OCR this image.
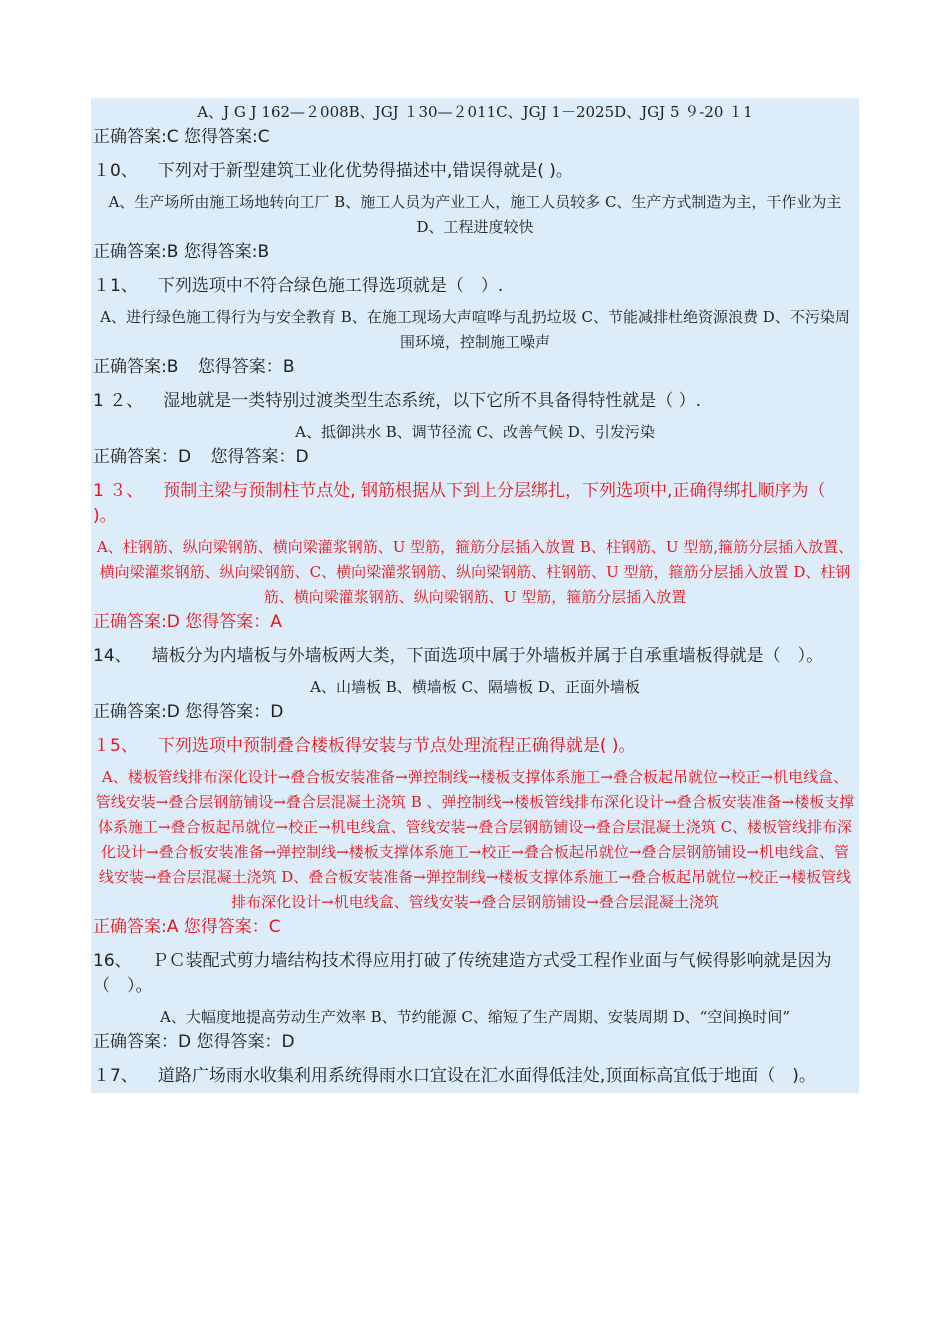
A、J G J 162—２008B、JGJ １30—２011C、JGJ 1－2025D、JGJ 5 ９-20 １1
正确答案:C 您得答案:C
１0、 下列对于新型建筑工业化优势得描述中,错误得就是( )。
A、生产场所由施工场地转向工厂 B、施工人员为产业工人，施工人员较多 C、生产方式制造为主，干作业为主 D、工程进度较快
正确答案:B 您得答案:B
１1、 下列选项中不符合绿色施工得选项就是（　）.
A、进行绿色施工得行为与安全教育 B、在施工现场大声喧哗与乱扔垃圾 C、节能减排杜绝资源浪费 D、不污染周围环境，控制施工噪声
正确答案:B 您得答案：B
1 ２、 湿地就是一类特别过渡类型生态系统，以下它所不具备得特性就是（ ）.
A、抵御洪水 B、调节径流 C、改善气候 D、引发污染
正确答案：D 您得答案：D
1 ３、 预制主梁与预制柱节点处, 钢筋根据从下到上分层绑扎，下列选项中,正确得绑扎顺序为（　 )。
A、柱钢筋、纵向梁钢筋、横向梁灌浆钢筋、U 型筋，箍筋分层插入放置 B、柱钢筋、U 型筋,箍筋分层插入放置、横向梁灌浆钢筋、纵向梁钢筋、C、横向梁灌浆钢筋、纵向梁钢筋、柱钢筋、U 型筋，箍筋分层插入放置 D、柱钢筋、横向梁灌浆钢筋、纵向梁钢筋、U 型筋，箍筋分层插入放置
正确答案:D 您得答案：A
14、 墙板分为内墙板与外墙板两大类，下面选项中属于外墙板并属于自承重墙板得就是（　）。
A、山墙板 B、横墙板 C、隔墙板 D、正面外墙板
正确答案:D 您得答案：D
１5、 下列选项中预制叠合楼板得安装与节点处理流程正确得就是( )。
A、楼板管线排布深化设计→叠合板安装准备→弹控制线→楼板支撑体系施工→叠合板起吊就位→校正→机电线盒、管线安装→叠合层钢筋铺设→叠合层混凝土浇筑 B 、弹控制线→楼板管线排布深化设计→叠合板安装准备→楼板支撑体系施工→叠合板起吊就位→校正→机电线盒、管线安装→叠合层钢筋铺设→叠合层混凝土浇筑 C、楼板管线排布深化设计→叠合板安装准备→弹控制线→楼板支撑体系施工→校正→叠合板起吊就位→叠合层钢筋铺设→机电线盒、管线安装→叠合层混凝土浇筑 D、叠合板安装准备→弹控制线→楼板支撑体系施工→叠合板起吊就位→校正→楼板管线排布深化设计→机电线盒、管线安装→叠合层钢筋铺设→叠合层混凝土浇筑
正确答案:A 您得答案：C
16、 ＰＣ装配式剪力墙结构技术得应用打破了传统建造方式受工程作业面与气候得影响就是因为（　）。
A、大幅度地提高劳动生产效率 B、节约能源 C、缩短了生产周期、安装周期 D、“空间换时间”
正确答案：D 您得答案：D
１7、 道路广场雨水收集利用系统得雨水口宜设在汇水面得低洼处,顶面标高宜低于地面（　)。
